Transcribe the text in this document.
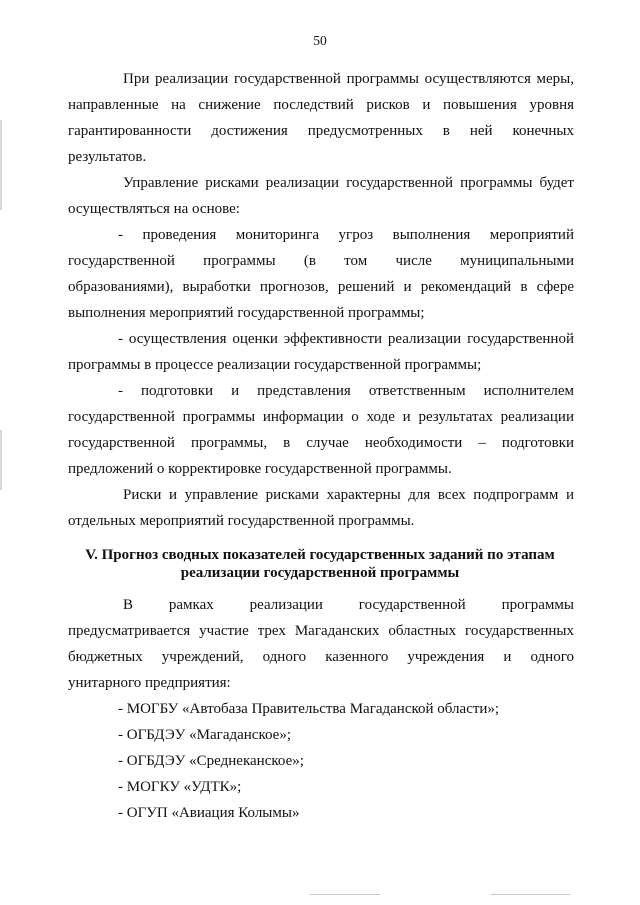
50
При реализации государственной программы осуществляются меры,
направленные на снижение последствий рисков и повышения уровня
гарантированности достижения предусмотренных в ней конечных
результатов.
Управление рисками реализации государственной программы будет
осуществляться на основе:
- проведения мониторинга угроз выполнения мероприятий
государственной программы (в том числе муниципальными
образованиями), выработки прогнозов, решений и рекомендаций в сфере
выполнения мероприятий государственной программы;
- осуществления оценки эффективности реализации государственной
программы в процессе реализации государственной программы;
- подготовки и представления ответственным исполнителем
государственной программы информации о ходе и результатах реализации
государственной программы, в случае необходимости – подготовки
предложений о корректировке государственной программы.
Риски и управление рисками характерны для всех подпрограмм и
отдельных мероприятий государственной программы.
V. Прогноз сводных показателей государственных заданий по этапам
реализации государственной программы
В рамках реализации государственной программы
предусматривается участие трех Магаданских областных государственных
бюджетных учреждений, одного казенного учреждения и одного
унитарного предприятия:
- МОГБУ «Автобаза Правительства Магаданской области»;
- ОГБДЭУ «Магаданское»;
- ОГБДЭУ «Среднеканское»;
- МОГКУ «УДТК»;
- ОГУП «Авиация Колымы»
